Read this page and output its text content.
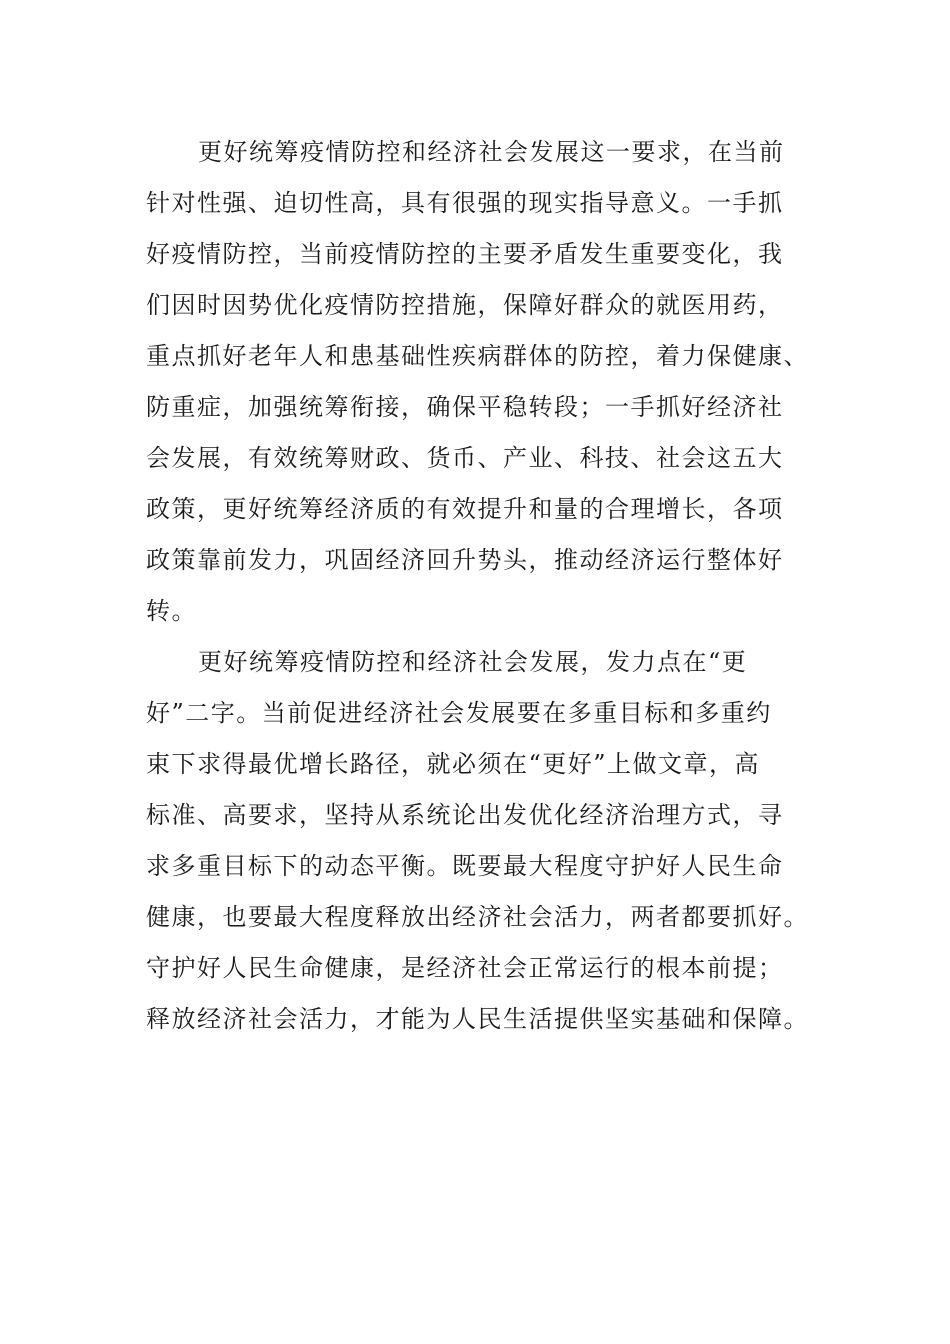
更好统筹疫情防控和经济社会发展这一要求，在当前
针对性强、迫切性高，具有很强的现实指导意义。一手抓
好疫情防控，当前疫情防控的主要矛盾发生重要变化，我
们因时因势优化疫情防控措施，保障好群众的就医用药，
重点抓好老年人和患基础性疾病群体的防控，着力保健康、
防重症，加强统筹衔接，确保平稳转段；一手抓好经济社
会发展，有效统筹财政、货币、产业、科技、社会这五大
政策，更好统筹经济质的有效提升和量的合理增长，各项
政策靠前发力，巩固经济回升势头，推动经济运行整体好
转。
更好统筹疫情防控和经济社会发展，发力点在“更
好”二字。当前促进经济社会发展要在多重目标和多重约
束下求得最优增长路径，就必须在“更好”上做文章，高
标准、高要求，坚持从系统论出发优化经济治理方式，寻
求多重目标下的动态平衡。既要最大程度守护好人民生命
健康，也要最大程度释放出经济社会活力，两者都要抓好。
守护好人民生命健康，是经济社会正常运行的根本前提；
释放经济社会活力，才能为人民生活提供坚实基础和保障。
